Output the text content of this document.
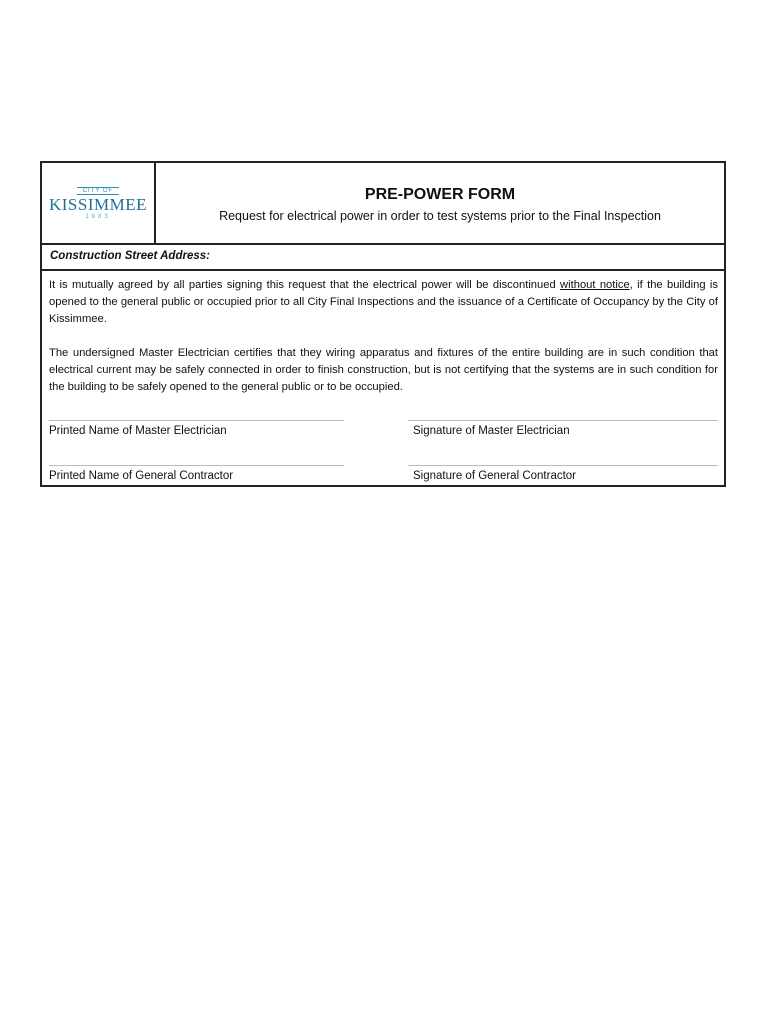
CITY OF
KISSIMMEE
1883
PRE-POWER FORM
Request for electrical power in order to test systems prior to the Final Inspection
Construction Street Address:

It is mutually agreed by all parties signing this request that the electrical power will be discontinued without notice, if the building is opened to the general public or occupied prior to all City Final Inspections and the issuance of a Certificate of Occupancy by the City of Kissimmee.

The undersigned Master Electrician certifies that they wiring apparatus and fixtures of the entire building are in such condition that electrical current may be safely connected in order to finish construction, but is not certifying that the systems are in such condition for the building to be safely opened to the general public or to be occupied.

Printed Name of Master Electrician	Signature of Master Electrician
Printed Name of General Contractor	Signature of General Contractor
